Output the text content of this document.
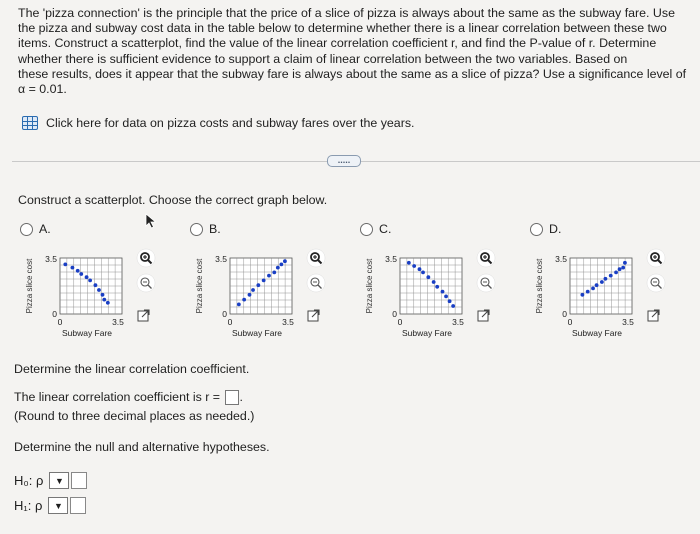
The 'pizza connection' is the principle that the price of a slice of pizza is always about the same as the subway fare. Use

the pizza and subway cost data in the table below to determine whether there is a linear correlation between these two

items. Construct a scatterplot, find the value of the linear correlation coefficient r, and find the P-value of r. Determine

whether there is sufficient evidence to support a claim of linear correlation between the two variables. Based on

these results, does it appear that the subway fare is always about the same as a slice of pizza? Use a significance level of

α = 0.01.

Click here for data on pizza costs and subway fares over the years.
.....
Construct a scatterplot. Choose the correct graph below.
A.	B.	C.	D.
Pizza slice cost 3.5
0
0	3.5
Subway Fare
Pizza slice cost 3.5
0
0	3.5
Subway Fare
Pizza slice cost 3.5
0
0	3.5
Subway Fare
Pizza slice cost 3.5
0
0	3.5
Subway Fare
Determine the linear correlation coefficient.
The linear correlation coefficient is r = .
(Round to three decimal places as needed.)
Determine the null and alternative hypotheses.
H₀: ρ ▼
H₁: ρ ▼
